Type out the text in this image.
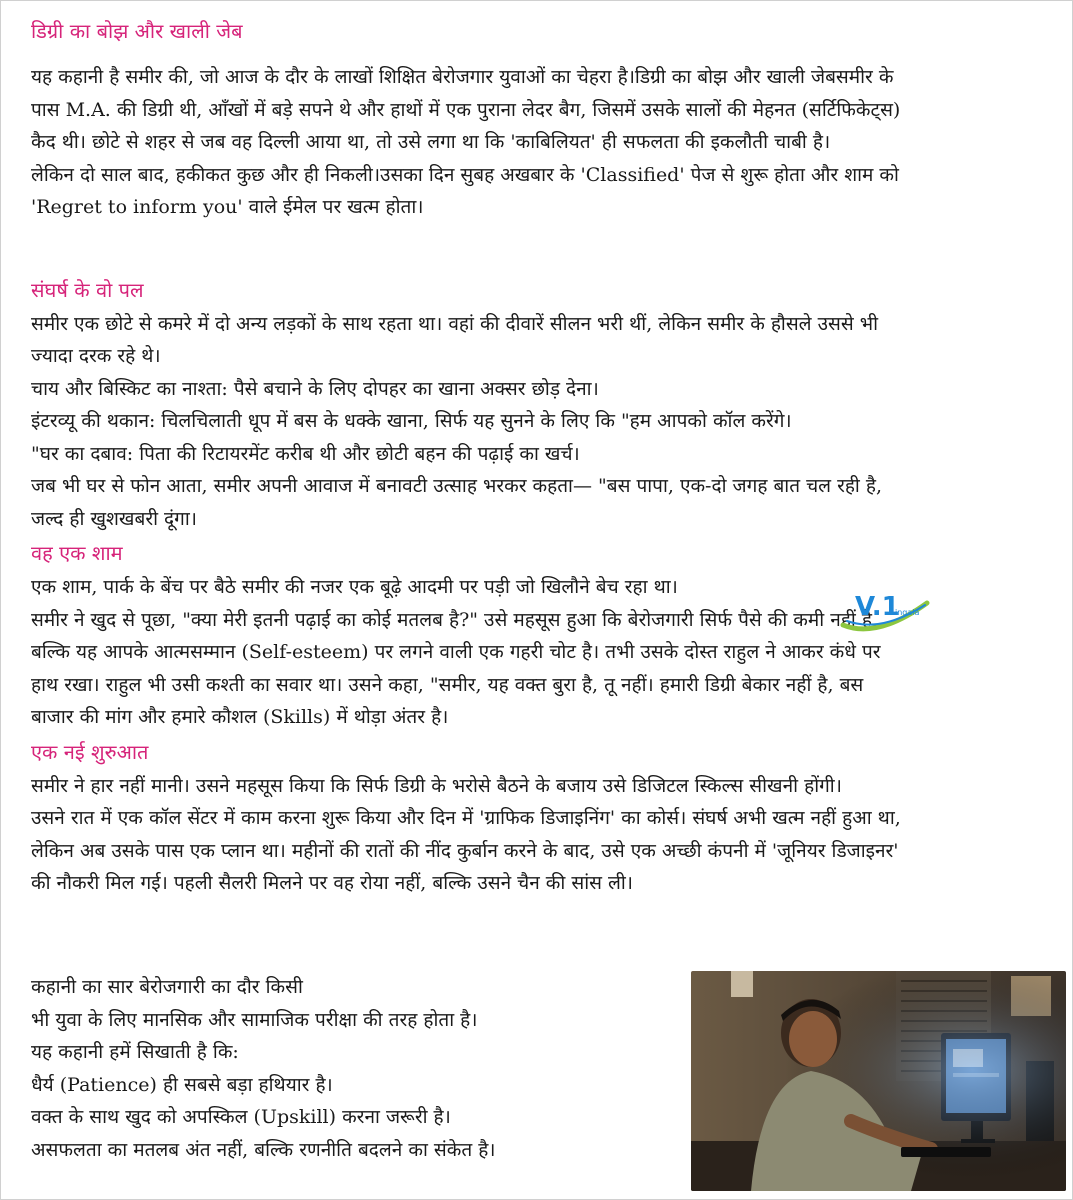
डिग्री का बोझ और खाली जेब

यह कहानी है समीर की, जो आज के दौर के लाखों शिक्षित बेरोजगार युवाओं का चेहरा है।डिग्री का बोझ और खाली जेबसमीर के

पास M.A. की डिग्री थी, आँखों में बड़े सपने थे और हाथों में एक पुराना लेदर बैग, जिसमें उसके सालों की मेहनत (सर्टिफिकेट्स)

कैद थी। छोटे से शहर से जब वह दिल्ली आया था, तो उसे लगा था कि 'काबिलियत' ही सफलता की इकलौती चाबी है।

लेकिन दो साल बाद, हकीकत कुछ और ही निकली।उसका दिन सुबह अखबार के 'Classified' पेज से शुरू होता और शाम को

'Regret to inform you' वाले ईमेल पर खत्म होता।

संघर्ष के वो पल

समीर एक छोटे से कमरे में दो अन्य लड़कों के साथ रहता था। वहां की दीवारें सीलन भरी थीं, लेकिन समीर के हौसले उससे भी

ज्यादा दरक रहे थे।

चाय और बिस्किट का नाश्ता: पैसे बचाने के लिए दोपहर का खाना अक्सर छोड़ देना।

इंटरव्यू की थकान: चिलचिलाती धूप में बस के धक्के खाना, सिर्फ यह सुनने के लिए कि "हम आपको कॉल करेंगे।

"घर का दबाव: पिता की रिटायरमेंट करीब थी और छोटी बहन की पढ़ाई का खर्च।

जब भी घर से फोन आता, समीर अपनी आवाज में बनावटी उत्साह भरकर कहता— "बस पापा, एक-दो जगह बात चल रही है,

जल्द ही खुशखबरी दूंगा।

वह एक शाम

एक शाम, पार्क के बेंच पर बैठे समीर की नजर एक बूढ़े आदमी पर पड़ी जो खिलौने बेच रहा था।

समीर ने खुद से पूछा, "क्या मेरी इतनी पढ़ाई का कोई मतलब है?" उसे महसूस हुआ कि बेरोजगारी सिर्फ पैसे की कमी नहीं है,

बल्कि यह आपके आत्मसम्मान (Self-esteem) पर लगने वाली एक गहरी चोट है। तभी उसके दोस्त राहुल ने आकर कंधे पर

हाथ रखा। राहुल भी उसी कश्ती का सवार था। उसने कहा, "समीर, यह वक्त बुरा है, तू नहीं। हमारी डिग्री बेकार नहीं है, बस

बाजार की मांग और हमारे कौशल (Skills) में थोड़ा अंतर है।

एक नई शुरुआत

समीर ने हार नहीं मानी। उसने महसूस किया कि सिर्फ डिग्री के भरोसे बैठने के बजाय उसे डिजिटल स्किल्स सीखनी होंगी।

उसने रात में एक कॉल सेंटर में काम करना शुरू किया और दिन में 'ग्राफिक डिजाइनिंग' का कोर्स। संघर्ष अभी खत्म नहीं हुआ था,

लेकिन अब उसके पास एक प्लान था। महीनों की रातों की नींद कुर्बान करने के बाद, उसे एक अच्छी कंपनी में 'जूनियर डिजाइनर'

की नौकरी मिल गई। पहली सैलरी मिलने पर वह रोया नहीं, बल्कि उसने चैन की सांस ली।

कहानी का सार बेरोजगारी का दौर किसी

भी युवा के लिए मानसिक और सामाजिक परीक्षा की तरह होता है।

यह कहानी हमें सिखाती है कि:

धैर्य (Patience) ही सबसे बड़ा हथियार है।

वक्त के साथ खुद को अपस्किल (Upskill) करना जरूरी है।

असफलता का मतलब अंत नहीं, बल्कि रणनीति बदलने का संकेत है।

V.1
ingala
